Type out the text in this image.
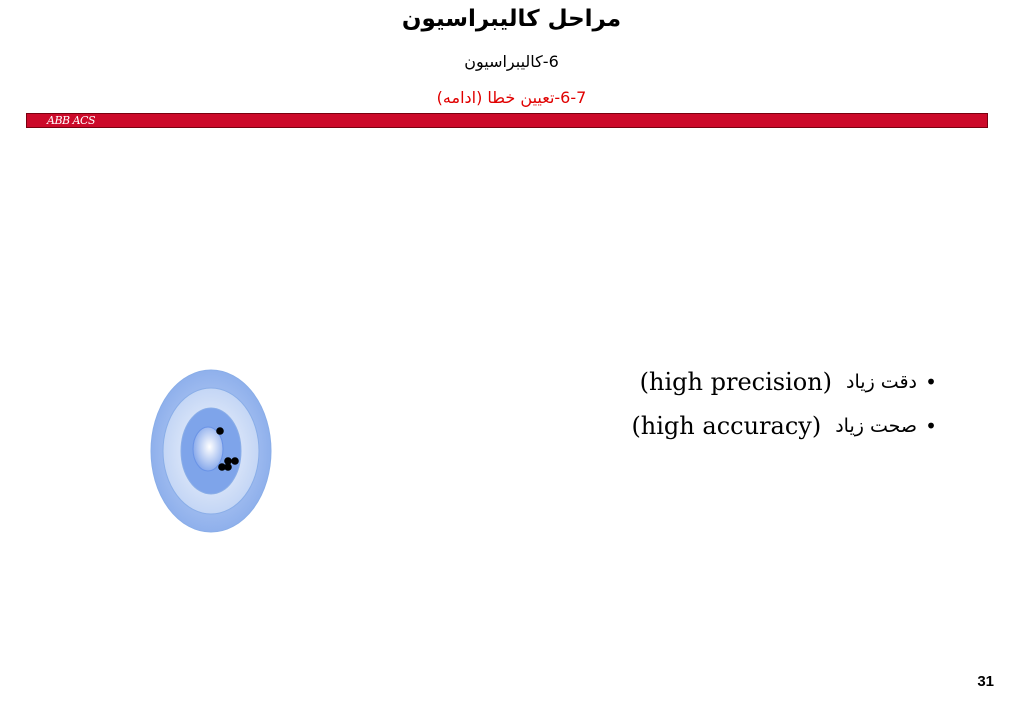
مراحل کالیبراسیون
6-کالیبراسیون
6-7-تعیین خطا (ادامه)
ABB ACS
•
دقت زیاد
(high precision)
•
صحت زیاد
(high accuracy)
31
